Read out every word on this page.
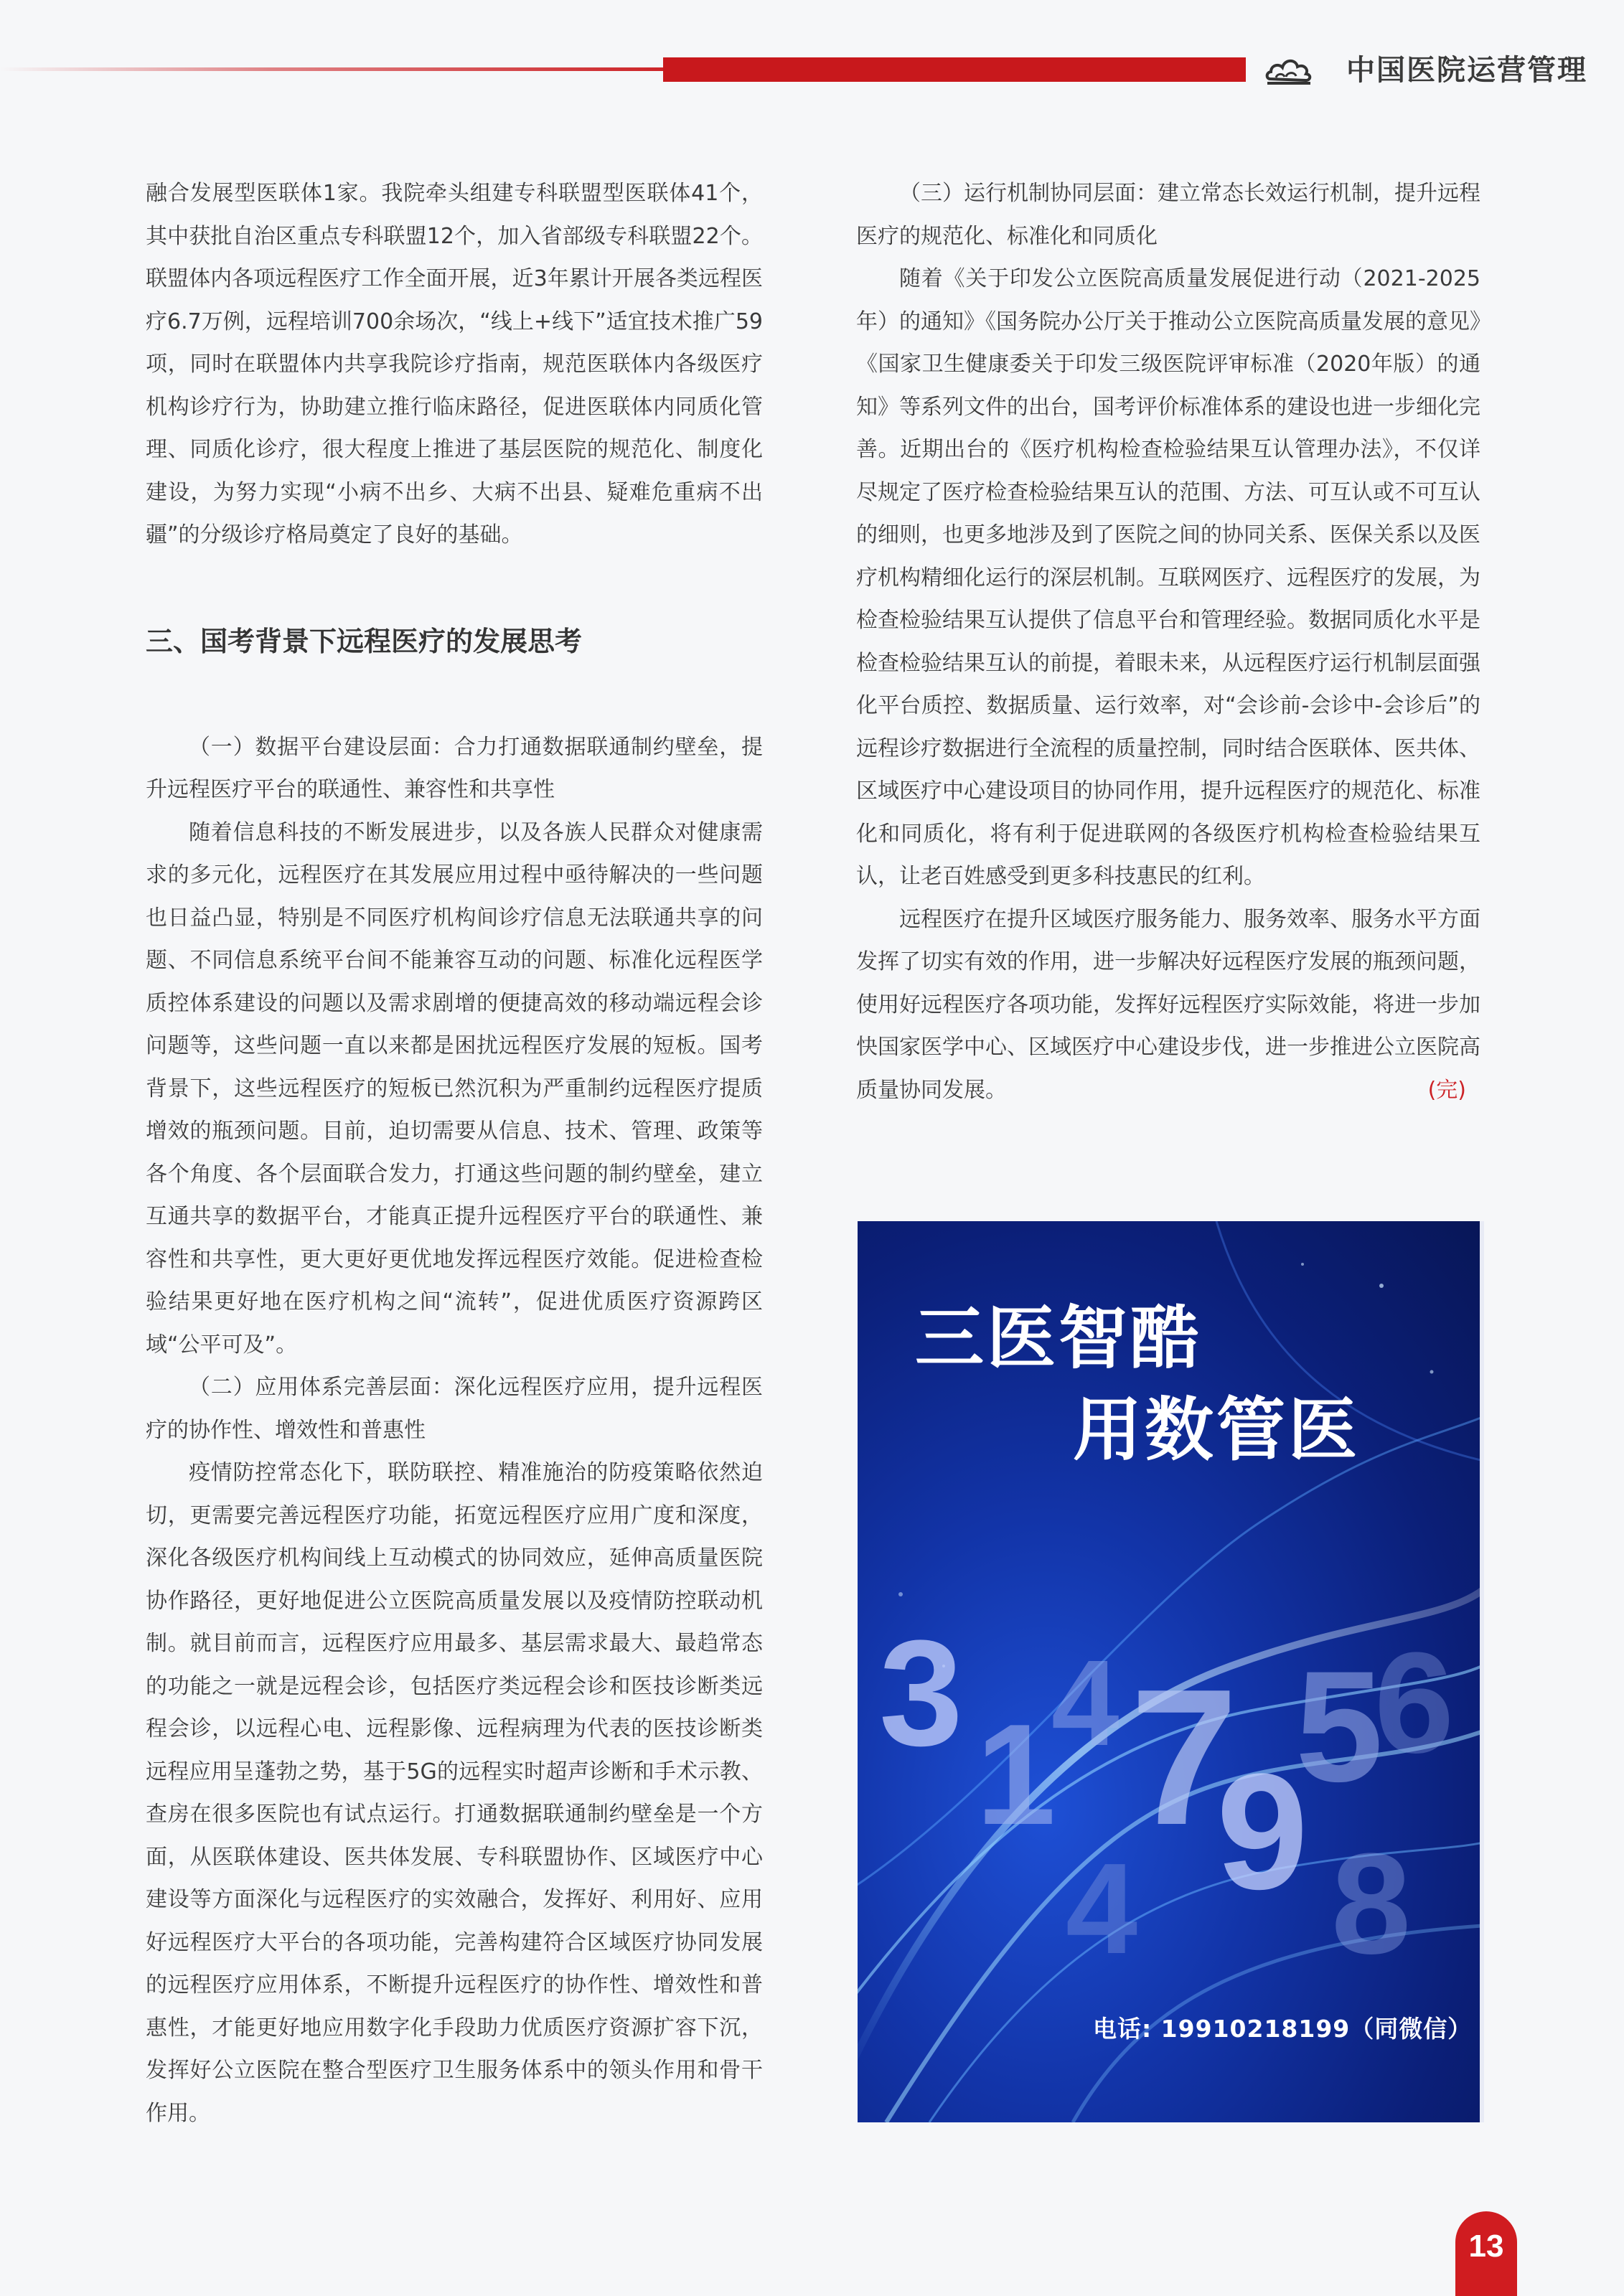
中国医院运营管理

融合发展型医联体1家。我院牵头组建专科联盟型医联体41个，其中获批自治区重点专科联盟12个，加入省部级专科联盟22个。联盟体内各项远程医疗工作全面开展，近3年累计开展各类远程医疗6.7万例，远程培训700余场次，“线上+线下”适宜技术推广59项，同时在联盟体内共享我院诊疗指南，规范医联体内各级医疗机构诊疗行为，协助建立推行临床路径，促进医联体内同质化管理、同质化诊疗，很大程度上推进了基层医院的规范化、制度化建设，为努力实现“小病不出乡、大病不出县、疑难危重病不出疆”的分级诊疗格局奠定了良好的基础。

三、国考背景下远程医疗的发展思考

（一）数据平台建设层面：合力打通数据联通制约壁垒，提升远程医疗平台的联通性、兼容性和共享性

随着信息科技的不断发展进步，以及各族人民群众对健康需求的多元化，远程医疗在其发展应用过程中亟待解决的一些问题也日益凸显，特别是不同医疗机构间诊疗信息无法联通共享的问题、不同信息系统平台间不能兼容互动的问题、标准化远程医学质控体系建设的问题以及需求剧增的便捷高效的移动端远程会诊问题等，这些问题一直以来都是困扰远程医疗发展的短板。国考背景下，这些远程医疗的短板已然沉积为严重制约远程医疗提质增效的瓶颈问题。目前，迫切需要从信息、技术、管理、政策等各个角度、各个层面联合发力，打通这些问题的制约壁垒，建立互通共享的数据平台，才能真正提升远程医疗平台的联通性、兼容性和共享性，更大更好更优地发挥远程医疗效能。促进检查检验结果更好地在医疗机构之间“流转”，促进优质医疗资源跨区域“公平可及”。

（二）应用体系完善层面：深化远程医疗应用，提升远程医疗的协作性、增效性和普惠性

疫情防控常态化下，联防联控、精准施治的防疫策略依然迫切，更需要完善远程医疗功能，拓宽远程医疗应用广度和深度，深化各级医疗机构间线上互动模式的协同效应，延伸高质量医院协作路径，更好地促进公立医院高质量发展以及疫情防控联动机制。就目前而言，远程医疗应用最多、基层需求最大、最趋常态的功能之一就是远程会诊，包括医疗类远程会诊和医技诊断类远程会诊，以远程心电、远程影像、远程病理为代表的医技诊断类远程应用呈蓬勃之势，基于5G的远程实时超声诊断和手术示教、查房在很多医院也有试点运行。打通数据联通制约壁垒是一个方面，从医联体建设、医共体发展、专科联盟协作、区域医疗中心建设等方面深化与远程医疗的实效融合，发挥好、利用好、应用好远程医疗大平台的各项功能，完善构建符合区域医疗协同发展的远程医疗应用体系，不断提升远程医疗的协作性、增效性和普惠性，才能更好地应用数字化手段助力优质医疗资源扩容下沉，发挥好公立医院在整合型医疗卫生服务体系中的领头作用和骨干作用。

（三）运行机制协同层面：建立常态长效运行机制，提升远程医疗的规范化、标准化和同质化

随着《关于印发公立医院高质量发展促进行动（2021-2025年）的通知》《国务院办公厅关于推动公立医院高质量发展的意见》《国家卫生健康委关于印发三级医院评审标准（2020年版）的通知》等系列文件的出台，国考评价标准体系的建设也进一步细化完善。近期出台的《医疗机构检查检验结果互认管理办法》，不仅详尽规定了医疗检查检验结果互认的范围、方法、可互认或不可互认的细则，也更多地涉及到了医院之间的协同关系、医保关系以及医疗机构精细化运行的深层机制。互联网医疗、远程医疗的发展，为检查检验结果互认提供了信息平台和管理经验。数据同质化水平是检查检验结果互认的前提，着眼未来，从远程医疗运行机制层面强化平台质控、数据质量、运行效率，对“会诊前-会诊中-会诊后”的远程诊疗数据进行全流程的质量控制，同时结合医联体、医共体、区域医疗中心建设项目的协同作用，提升远程医疗的规范化、标准化和同质化，将有利于促进联网的各级医疗机构检查检验结果互认，让老百姓感受到更多科技惠民的红利。

远程医疗在提升区域医疗服务能力、服务效率、服务水平方面发挥了切实有效的作用，进一步解决好远程医疗发展的瓶颈问题，使用好远程医疗各项功能，发挥好远程医疗实际效能，将进一步加快国家医学中心、区域医疗中心建设步伐，进一步推进公立医院高质量协同发展。	(完)

3 1
4 7
9
5
6
8
4
三医智酷
用数管医
电话: 19910218199（同微信）
13
